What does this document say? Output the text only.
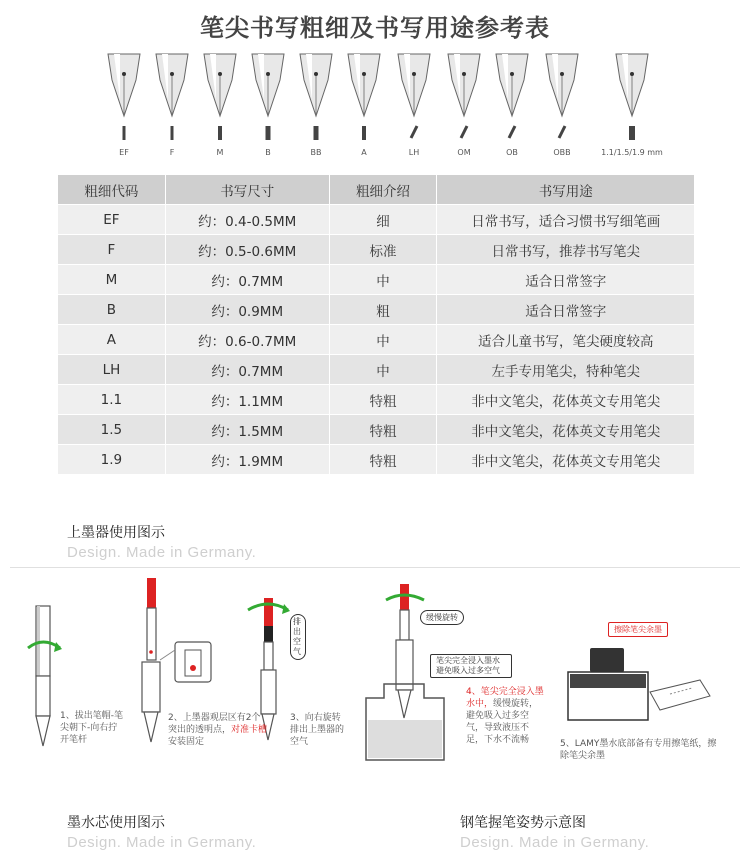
笔尖书写粗细及书写用途参考表
EF	F	M	B	BB	A	LH	OM	OB	OBB	1.1/1.5/1.9 mm
粗细代码	书写尺寸	粗细介绍	书写用途
EF	约：0.4-0.5MM	细	日常书写，适合习惯书写细笔画
F	约：0.5-0.6MM	标准	日常书写，推荐书写笔尖
M	约：0.7MM	中	适合日常签字
B	约：0.9MM	粗	适合日常签字
A	约：0.6-0.7MM	中	适合儿童书写，笔尖硬度较高
LH	约：0.7MM	中	左手专用笔尖，特种笔尖
1.1	约：1.1MM	特粗	非中文笔尖，花体英文专用笔尖
1.5	约：1.5MM	特粗	非中文笔尖，花体英文专用笔尖
1.9	约：1.9MM	特粗	非中文笔尖，花体英文专用笔尖
上墨器使用图示
Design. Made in Germany.
1、拔出笔帽-笔尖朝下-向右拧开笔杆
2、上墨器观层区有2个突出的透明点，对准卡槽安装固定
3、向右旋转 排出上墨器的空气
排出空气
缓慢旋转
笔尖完全浸入墨水避免吸入过多空气
4、笔尖完全浸入墨水中，缓慢旋转，避免吸入过多空气，导致液压不足，下水不流畅
擦除笔尖余墨
5、LAMY墨水底部备有专用擦笔纸，擦除笔尖余墨
墨水芯使用图示
Design. Made in Germany.
钢笔握笔姿势示意图
Design. Made in Germany.
